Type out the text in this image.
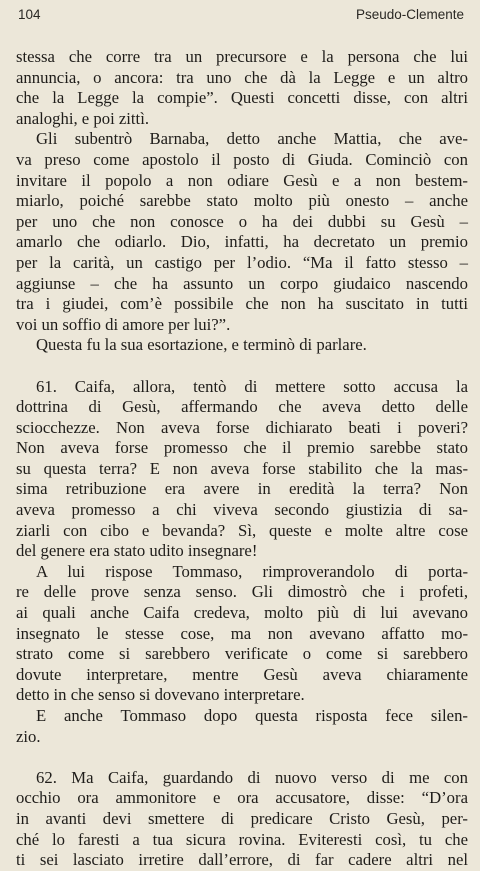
104	Pseudo-Clemente
stessa che corre tra un precursore e la persona che lui
annuncia, o ancora: tra uno che dà la Legge e un altro
che la Legge la compie”. Questi concetti disse, con altri
analoghi, e poi zittì.
Gli subentrò Barnaba, detto anche Mattia, che ave-
va preso come apostolo il posto di Giuda. Cominciò con
invitare il popolo a non odiare Gesù e a non bestem-
miarlo, poiché sarebbe stato molto più onesto – anche
per uno che non conosce o ha dei dubbi su Gesù –
amarlo che odiarlo. Dio, infatti, ha decretato un premio
per la carità, un castigo per l’odio. “Ma il fatto stesso –
aggiunse – che ha assunto un corpo giudaico nascendo
tra i giudei, com’è possibile che non ha suscitato in tutti
voi un soffio di amore per lui?”.
Questa fu la sua esortazione, e terminò di parlare.
61. Caifa, allora, tentò di mettere sotto accusa la
dottrina di Gesù, affermando che aveva detto delle
sciocchezze. Non aveva forse dichiarato beati i poveri?
Non aveva forse promesso che il premio sarebbe stato
su questa terra? E non aveva forse stabilito che la mas-
sima retribuzione era avere in eredità la terra? Non
aveva promesso a chi viveva secondo giustizia di sa-
ziarli con cibo e bevanda? Sì, queste e molte altre cose
del genere era stato udito insegnare!
A lui rispose Tommaso, rimproverandolo di porta-
re delle prove senza senso. Gli dimostrò che i profeti,
ai quali anche Caifa credeva, molto più di lui avevano
insegnato le stesse cose, ma non avevano affatto mo-
strato come si sarebbero verificate o come si sarebbero
dovute interpretare, mentre Gesù aveva chiaramente
detto in che senso si dovevano interpretare.
E anche Tommaso dopo questa risposta fece silen-
zio.
62. Ma Caifa, guardando di nuovo verso di me con
occhio ora ammonitore e ora accusatore, disse: “D’ora
in avanti devi smettere di predicare Cristo Gesù, per-
ché lo faresti a tua sicura rovina. Eviteresti così, tu che
ti sei lasciato irretire dall’errore, di far cadere altri nel
